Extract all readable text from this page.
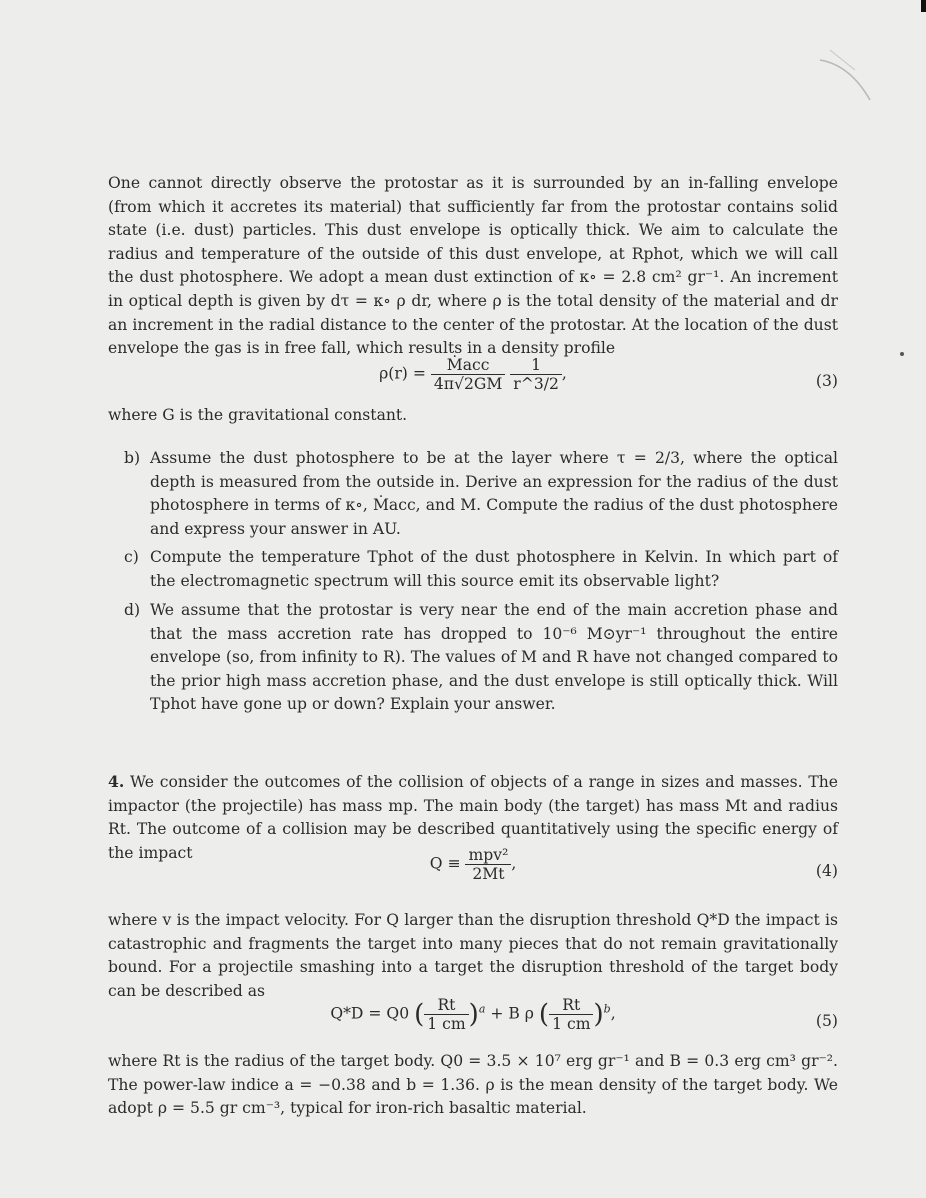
One cannot directly observe the protostar as it is surrounded by an in-falling envelope (from which it accretes its material) that sufficiently far from the protostar contains solid state (i.e. dust) particles. This dust envelope is optically thick. We aim to calculate the radius and temperature of the outside of this dust envelope, at Rphot, which we will call the dust photosphere. We adopt a mean dust extinction of κ∘ = 2.8 cm² gr⁻¹. An increment in optical depth is given by dτ = κ∘ ρ dr, where ρ is the total density of the material and dr an increment in the radial distance to the center of the protostar. At the location of the dust envelope the gas is in free fall, which results in a density profile
$\rho(r) = \frac{\text{Ṁacc}}{4\pi√2GM}$
$\frac{1}{r\^{}3/2}$ ,	(3)
where G is the gravitational constant.
b) Assume the dust photosphere to be at the layer where τ = 2/3, where the optical depth is measured from the outside in. Derive an expression for the radius of the dust photosphere in terms of κ∘, Ṁacc, and M. Compute the radius of the dust photosphere and express your answer in AU.
c) Compute the temperature Tphot of the dust photosphere in Kelvin. In which part of the electromagnetic spectrum will this source emit its observable light?
d) We assume that the protostar is very near the end of the main accretion phase and that the mass accretion rate has dropped to 10⁻⁶ M⊙yr⁻¹ throughout the entire envelope (so, from infinity to R). The values of M and R have not changed compared to the prior high mass accretion phase, and the dust envelope is still optically thick. Will Tphot have gone up or down? Explain your answer.
4. We consider the outcomes of the collision of objects of a range in sizes and masses. The impactor (the projectile) has mass mp. The main body (the target) has mass Mt and radius Rt. The outcome of a collision may be described quantitatively using the specific energy of the impact
$Q \equiv \frac{\text{mpv²}}{2Mt}$ ,	(4)
where v is the impact velocity. For Q larger than the disruption threshold Q*D the impact is catastrophic and fragments the target into many pieces that do not remain gravitationally bound. For a projectile smashing into a target the disruption threshold of the target body can be described as
Q*D = Q0 ( $\frac{Rt}{1 cm} )^a + B$ ρ ( $\frac{Rt}{1 cm} )^b$,	(5)
where Rt is the radius of the target body. Q0 = 3.5 × 10⁷ erg gr⁻¹ and B = 0.3 erg cm³ gr⁻². The power-law indice a = −0.38 and b = 1.36. ρ is the mean density of the target body. We adopt ρ = 5.5 gr cm⁻³, typical for iron-rich basaltic material.
